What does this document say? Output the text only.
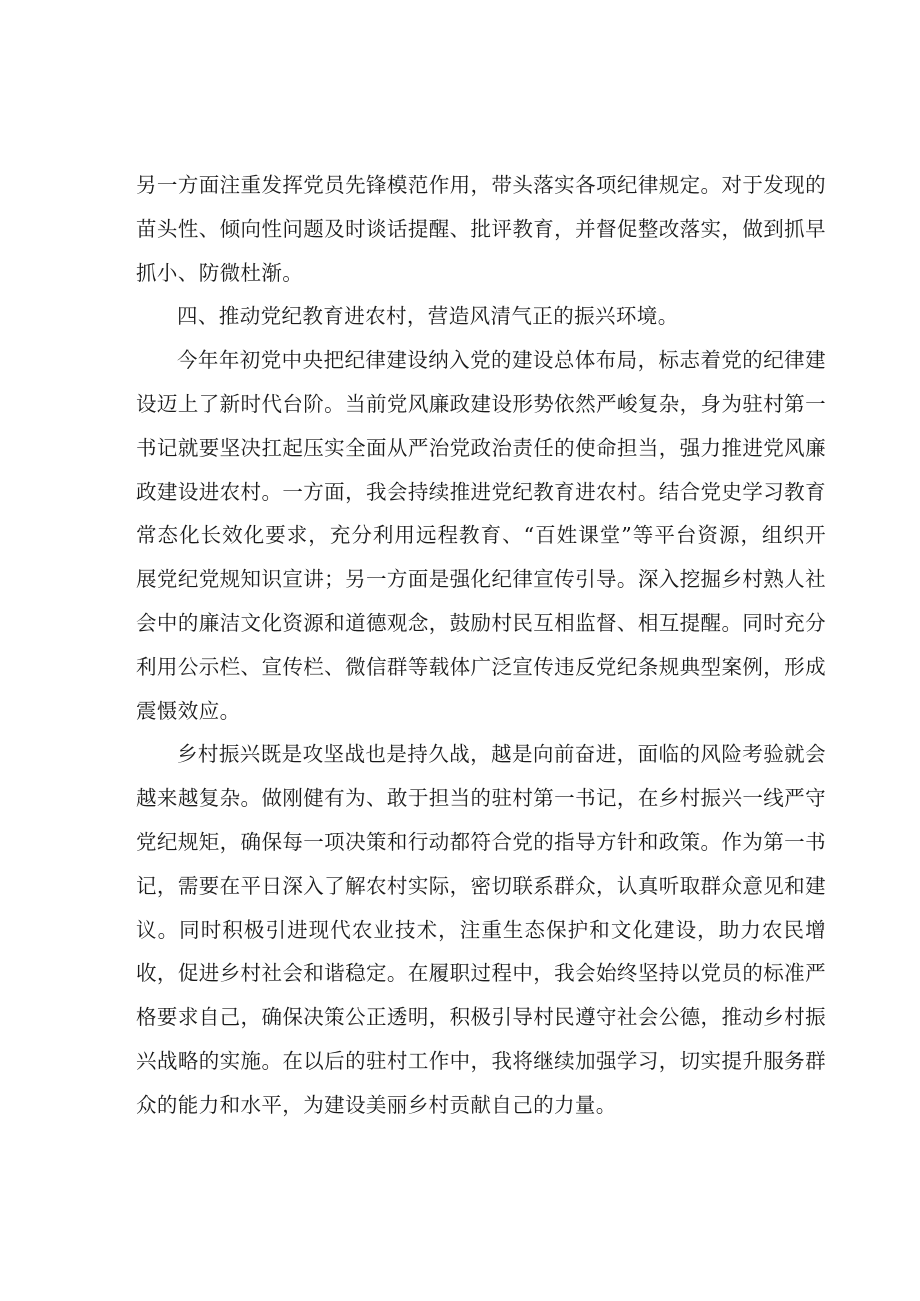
另一方面注重发挥党员先锋模范作用，带头落实各项纪律规定。对于发现的苗头性、倾向性问题及时谈话提醒、批评教育，并督促整改落实，做到抓早抓小、防微杜渐。

四、推动党纪教育进农村，营造风清气正的振兴环境。

今年年初党中央把纪律建设纳入党的建设总体布局，标志着党的纪律建设迈上了新时代台阶。当前党风廉政建设形势依然严峻复杂，身为驻村第一书记就要坚决扛起压实全面从严治党政治责任的使命担当，强力推进党风廉政建设进农村。一方面，我会持续推进党纪教育进农村。结合党史学习教育常态化长效化要求，充分利用远程教育、“百姓课堂”等平台资源，组织开展党纪党规知识宣讲；另一方面是强化纪律宣传引导。深入挖掘乡村熟人社会中的廉洁文化资源和道德观念，鼓励村民互相监督、相互提醒。同时充分利用公示栏、宣传栏、微信群等载体广泛宣传违反党纪条规典型案例，形成震慑效应。

乡村振兴既是攻坚战也是持久战，越是向前奋进，面临的风险考验就会越来越复杂。做刚健有为、敢于担当的驻村第一书记，在乡村振兴一线严守党纪规矩，确保每一项决策和行动都符合党的指导方针和政策。作为第一书记，需要在平日深入了解农村实际，密切联系群众，认真听取群众意见和建议。同时积极引进现代农业技术，注重生态保护和文化建设，助力农民增收，促进乡村社会和谐稳定。在履职过程中，我会始终坚持以党员的标准严格要求自己，确保决策公正透明，积极引导村民遵守社会公德，推动乡村振兴战略的实施。在以后的驻村工作中，我将继续加强学习，切实提升服务群众的能力和水平，为建设美丽乡村贡献自己的力量。
